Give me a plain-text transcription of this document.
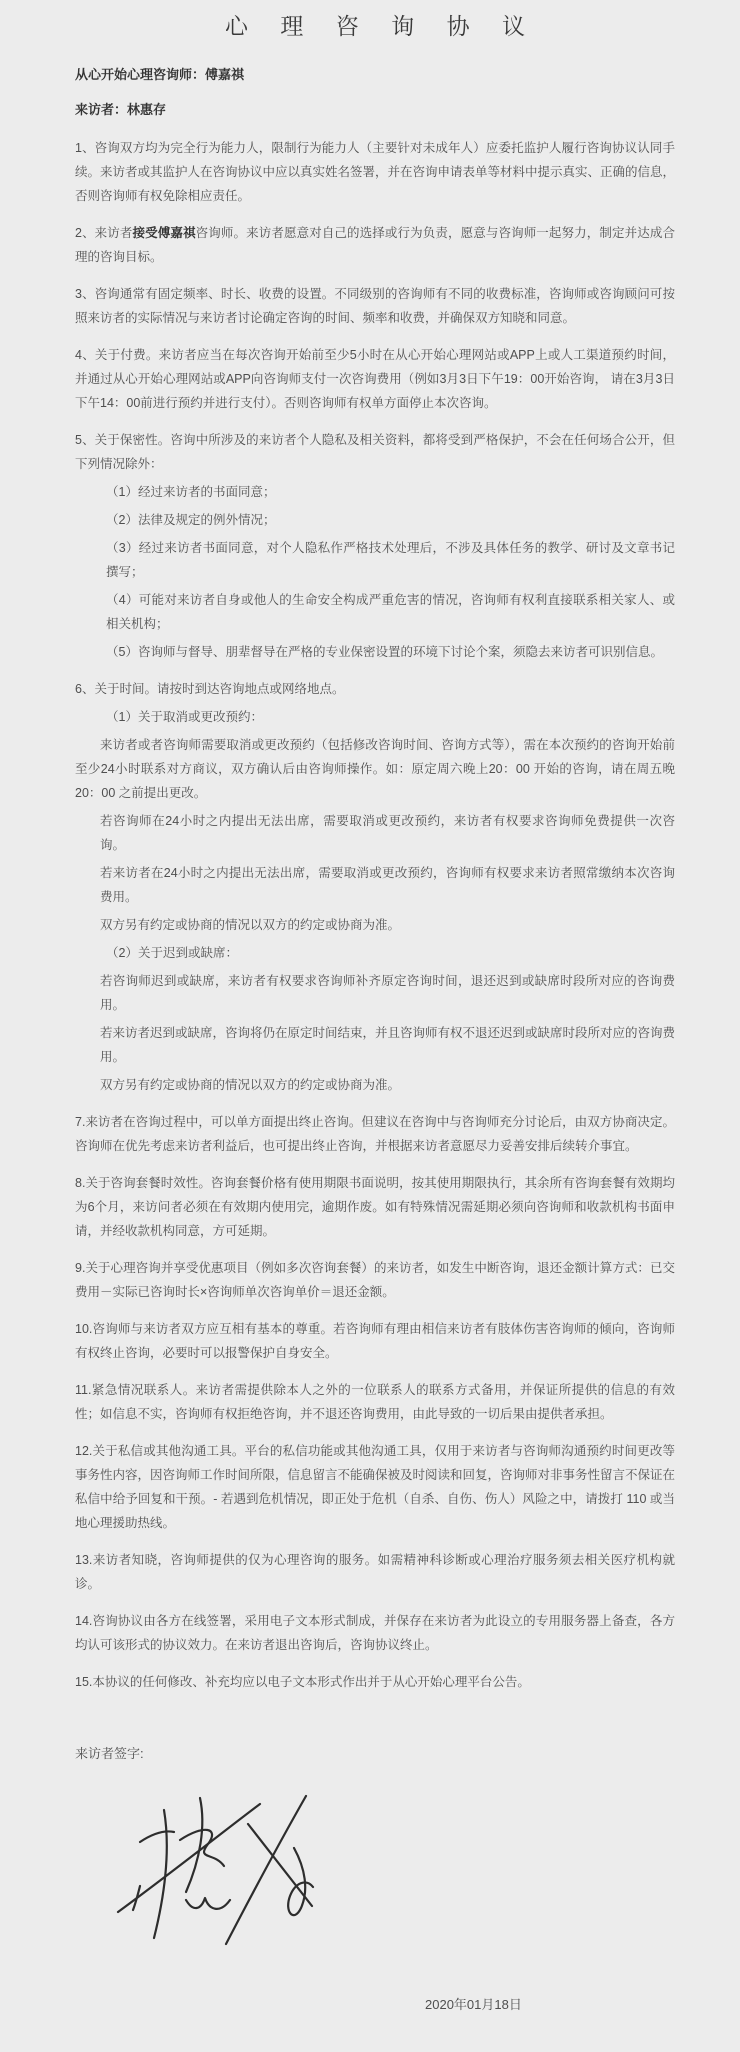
心 理 咨 询 协 议

从心开始心理咨询师：傅嘉祺

来访者：林惠存

1、咨询双方均为完全行为能力人，限制行为能力人（主要针对未成年人）应委托监护人履行咨询协议认同手续。来访者或其监护人在咨询协议中应以真实姓名签署，并在咨询申请表单等材料中提示真实、正确的信息，否则咨询师有权免除相应责任。

2、来访者接受傅嘉祺咨询师。来访者愿意对自己的选择或行为负责，愿意与咨询师一起努力，制定并达成合理的咨询目标。

3、咨询通常有固定频率、时长、收费的设置。不同级别的咨询师有不同的收费标准，咨询师或咨询顾问可按照来访者的实际情况与来访者讨论确定咨询的时间、频率和收费，并确保双方知晓和同意。

4、关于付费。来访者应当在每次咨询开始前至少5小时在从心开始心理网站或APP上或人工渠道预约时间，并通过从心开始心理网站或APP向咨询师支付一次咨询费用（例如3月3日下午19：00开始咨询， 请在3月3日下午14：00前进行预约并进行支付）。否则咨询师有权单方面停止本次咨询。

5、关于保密性。咨询中所涉及的来访者个人隐私及相关资料，都将受到严格保护，不会在任何场合公开，但下列情况除外：

（1）经过来访者的书面同意；

（2）法律及规定的例外情况；

（3）经过来访者书面同意，对个人隐私作严格技术处理后，不涉及具体任务的教学、研讨及文章书记撰写；

（4）可能对来访者自身或他人的生命安全构成严重危害的情况，咨询师有权利直接联系相关家人、或相关机构；

（5）咨询师与督导、朋辈督导在严格的专业保密设置的环境下讨论个案，须隐去来访者可识别信息。

6、关于时间。请按时到达咨询地点或网络地点。

（1）关于取消或更改预约：

来访者或者咨询师需要取消或更改预约（包括修改咨询时间、咨询方式等），需在本次预约的咨询开始前至少24小时联系对方商议，双方确认后由咨询师操作。如：原定周六晚上20：00 开始的咨询，请在周五晚 20：00 之前提出更改。

若咨询师在24小时之内提出无法出席，需要取消或更改预约，来访者有权要求咨询师免费提供一次咨询。

若来访者在24小时之内提出无法出席，需要取消或更改预约，咨询师有权要求来访者照常缴纳本次咨询费用。

双方另有约定或协商的情况以双方的约定或协商为准。

（2）关于迟到或缺席：

若咨询师迟到或缺席，来访者有权要求咨询师补齐原定咨询时间，退还迟到或缺席时段所对应的咨询费用。

若来访者迟到或缺席，咨询将仍在原定时间结束，并且咨询师有权不退还迟到或缺席时段所对应的咨询费用。

双方另有约定或协商的情况以双方的约定或协商为准。

7.来访者在咨询过程中，可以单方面提出终止咨询。但建议在咨询中与咨询师充分讨论后，由双方协商决定。咨询师在优先考虑来访者利益后，也可提出终止咨询，并根据来访者意愿尽力妥善安排后续转介事宜。

8.关于咨询套餐时效性。咨询套餐价格有使用期限书面说明，按其使用期限执行，其余所有咨询套餐有效期均为6个月，来访问者必须在有效期内使用完，逾期作废。如有特殊情况需延期必须向咨询师和收款机构书面申请，并经收款机构同意，方可延期。

9.关于心理咨询并享受优惠项目（例如多次咨询套餐）的来访者，如发生中断咨询，退还金额计算方式：已交费用－实际已咨询时长×咨询师单次咨询单价＝退还金额。

10.咨询师与来访者双方应互相有基本的尊重。若咨询师有理由相信来访者有肢体伤害咨询师的倾向，咨询师有权终止咨询，必要时可以报警保护自身安全。

11.紧急情况联系人。来访者需提供除本人之外的一位联系人的联系方式备用，并保证所提供的信息的有效性；如信息不实，咨询师有权拒绝咨询，并不退还咨询费用，由此导致的一切后果由提供者承担。

12.关于私信或其他沟通工具。平台的私信功能或其他沟通工具，仅用于来访者与咨询师沟通预约时间更改等事务性内容，因咨询师工作时间所限，信息留言不能确保被及时阅读和回复，咨询师对非事务性留言不保证在私信中给予回复和干预。- 若遇到危机情况，即正处于危机（自杀、自伤、伤人）风险之中，请拨打 110 或当地心理援助热线。

13.来访者知晓，咨询师提供的仅为心理咨询的服务。如需精神科诊断或心理治疗服务须去相关医疗机构就诊。

14.咨询协议由各方在线签署，采用电子文本形式制成，并保存在来访者为此设立的专用服务器上备查，各方均认可该形式的协议效力。在来访者退出咨询后，咨询协议终止。

15.本协议的任何修改、补充均应以电子文本形式作出并于从心开始心理平台公告。

来访者签字:

2020年01月18日
